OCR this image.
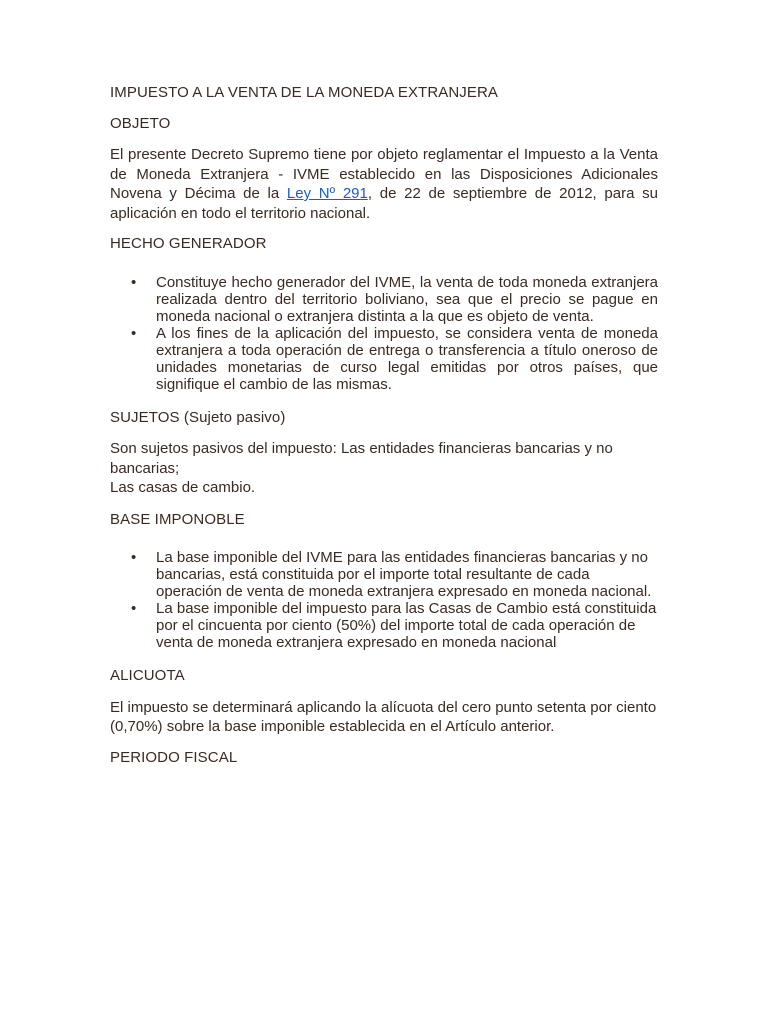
IMPUESTO A LA VENTA DE LA MONEDA EXTRANJERA

OBJETO

El presente Decreto Supremo tiene por objeto reglamentar el Impuesto a la Venta de Moneda Extranjera - IVME establecido en las Disposiciones Adicionales Novena y Décima de la Ley Nº 291, de 22 de septiembre de 2012, para su aplicación en todo el territorio nacional.

HECHO GENERADOR

• Constituye hecho generador del IVME, la venta de toda moneda extranjera realizada dentro del territorio boliviano, sea que el precio se pague en moneda nacional o extranjera distinta a la que es objeto de venta.
• A los fines de la aplicación del impuesto, se considera venta de moneda extranjera a toda operación de entrega o transferencia a título oneroso de unidades monetarias de curso legal emitidas por otros países, que signifique el cambio de las mismas.

SUJETOS (Sujeto pasivo)

Son sujetos pasivos del impuesto: Las entidades financieras bancarias y no bancarias;
Las casas de cambio.

BASE IMPONOBLE

• La base imponible del IVME para las entidades financieras bancarias y no bancarias, está constituida por el importe total resultante de cada operación de venta de moneda extranjera expresado en moneda nacional.
• La base imponible del impuesto para las Casas de Cambio está constituida por el cincuenta por ciento (50%) del importe total de cada operación de venta de moneda extranjera expresado en moneda nacional

ALICUOTA

El impuesto se determinará aplicando la alícuota del cero punto setenta por ciento (0,70%) sobre la base imponible establecida en el Artículo anterior.

PERIODO FISCAL
